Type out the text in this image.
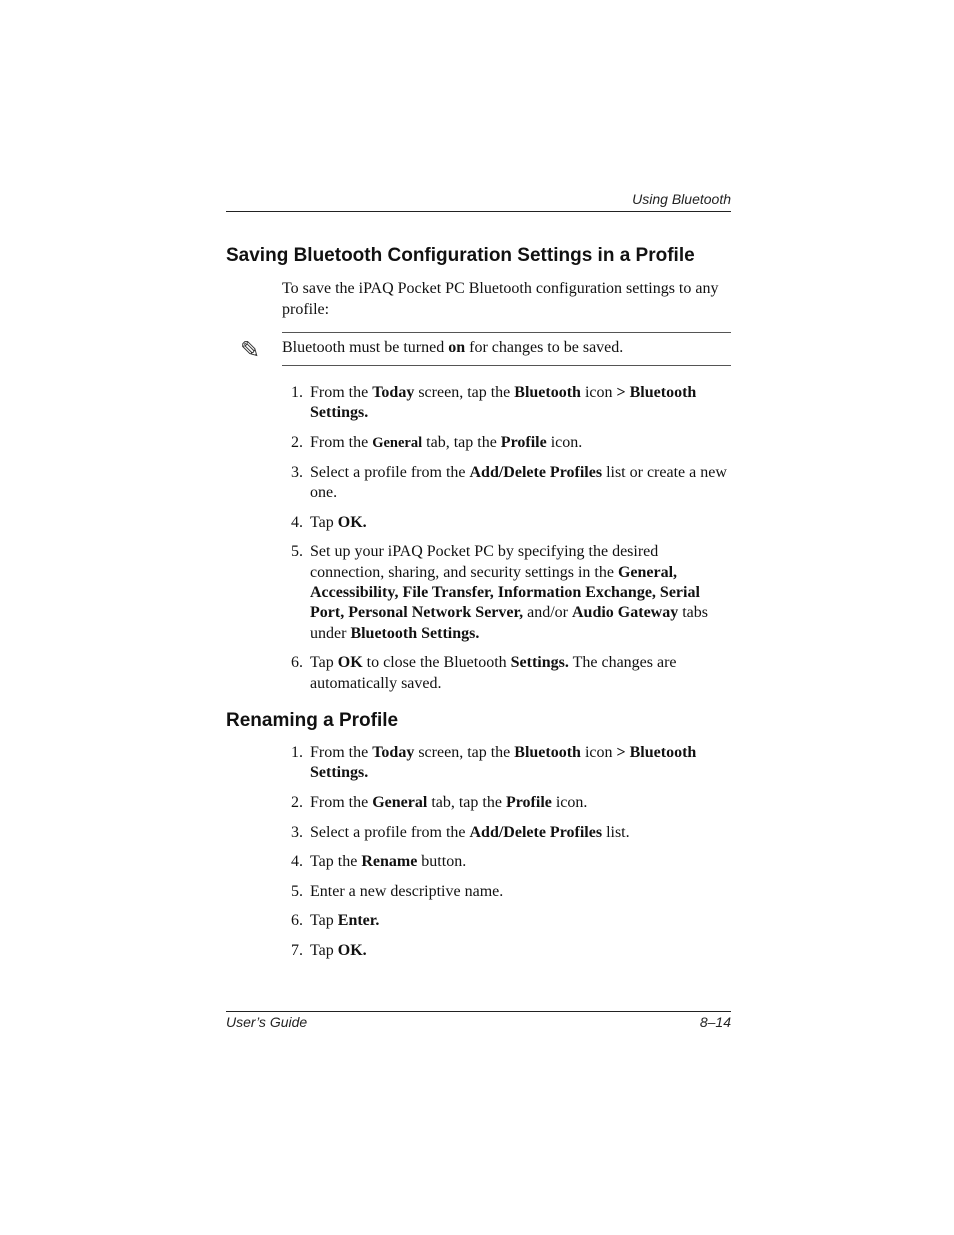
Using Bluetooth
Saving Bluetooth Configuration Settings in a Profile
To save the iPAQ Pocket PC Bluetooth configuration settings to any profile:
✎ Bluetooth must be turned on for changes to be saved.
1. From the Today screen, tap the Bluetooth icon > Bluetooth Settings.
2. From the General tab, tap the Profile icon.
3. Select a profile from the Add/Delete Profiles list or create a new one.
4. Tap OK.
5. Set up your iPAQ Pocket PC by specifying the desired connection, sharing, and security settings in the General, Accessibility, File Transfer, Information Exchange, Serial Port, Personal Network Server, and/or Audio Gateway tabs under Bluetooth Settings.
6. Tap OK to close the Bluetooth Settings. The changes are automatically saved.
Renaming a Profile
1. From the Today screen, tap the Bluetooth icon > Bluetooth Settings.
2. From the General tab, tap the Profile icon.
3. Select a profile from the Add/Delete Profiles list.
4. Tap the Rename button.
5. Enter a new descriptive name.
6. Tap Enter.
7. Tap OK.
User’s Guide	8–14
